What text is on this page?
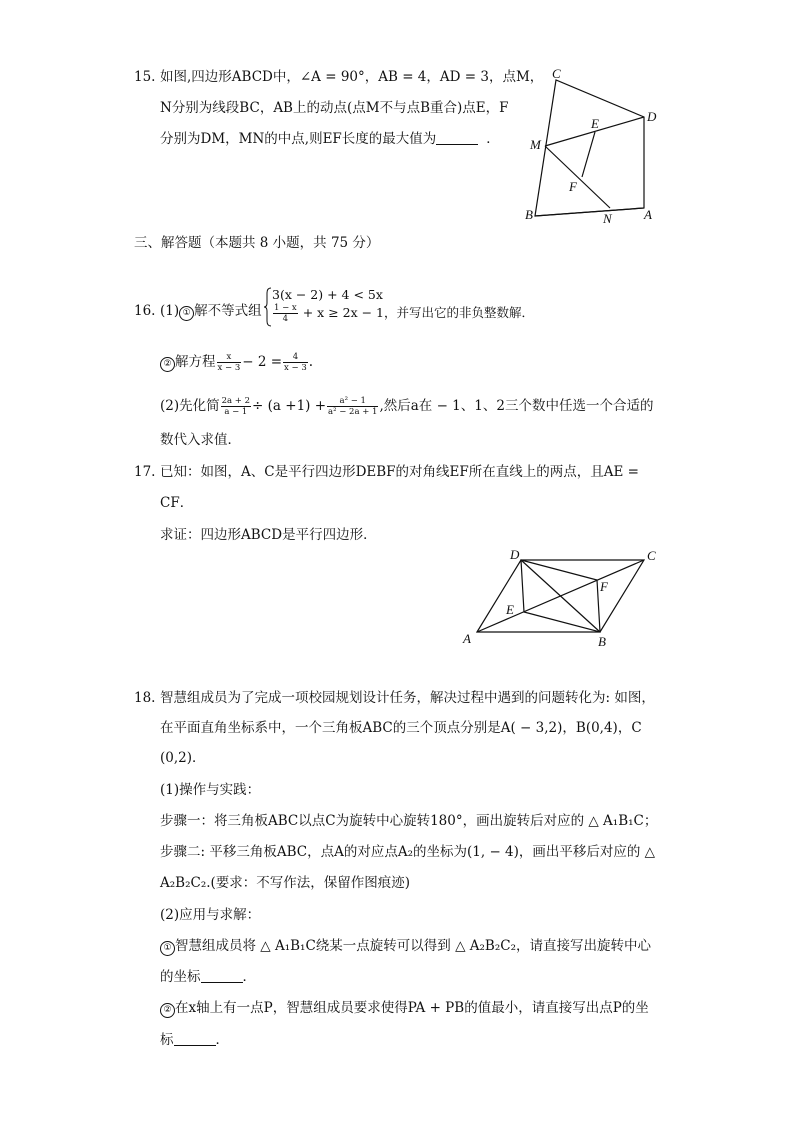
15. 如图,四边形ABCD中，∠A = 90°，AB = 4，AD = 3，点M，
N分别为线段BC，AB上的动点(点M不与点B重合)点E，F
分别为DM，MN的中点,则EF长度的最大值为	．
C
D
E
M
F
B	N A
三、解答题（本题共 8 小题，共 75 分）
16. (1) ① 解不等式组
3(x − 2) + 4 < 5x
$\frac{1 - x}{4} + x \ge 2x - 1$，并写出它的非负整数解．
② 解方程 $\frac{x}{x - 3} - 2 = \frac{4}{x - 3}$ .
(2)先化简 $\frac{2a + 2}{a - 1} \div (a +1) + \frac{\text{a² − 1}}{\text{a² − 2a + 1}}$ ,然后a在 − 1、1、2三个数中任选一个合适的
数代入求值．
17. 已知：如图，A、C是平行四边形DEBF的对角线EF所在直线上的两点，且AE =
CF．
求证：四边形ABCD是平行四边形．
D	C
F
E
A	B
18. 智慧组成员为了完成一项校园规划设计任务，解决过程中遇到的问题转化为: 如图，
在平面直角坐标系中，一个三角板ABC的三个顶点分别是A( − 3,2)，B(0,4)，C
(0,2)．
(1)操作与实践：
步骤一：将三角板ABC以点C为旋转中心旋转180°，画出旋转后对应的 △ A₁B₁C；
步骤二: 平移三角板ABC，点A的对应点A₂的坐标为(1, − 4)，画出平移后对应的 △
A₂B₂C₂.(要求：不写作法，保留作图痕迹)
(2)应用与求解：
① 智慧组成员将 △ A₁B₁C绕某一点旋转可以得到 △ A₂B₂C₂，请直接写出旋转中心
的坐标	．
② 在x轴上有一点P，智慧组成员要求使得PA + PB的值最小，请直接写出点P的坐
标	．
